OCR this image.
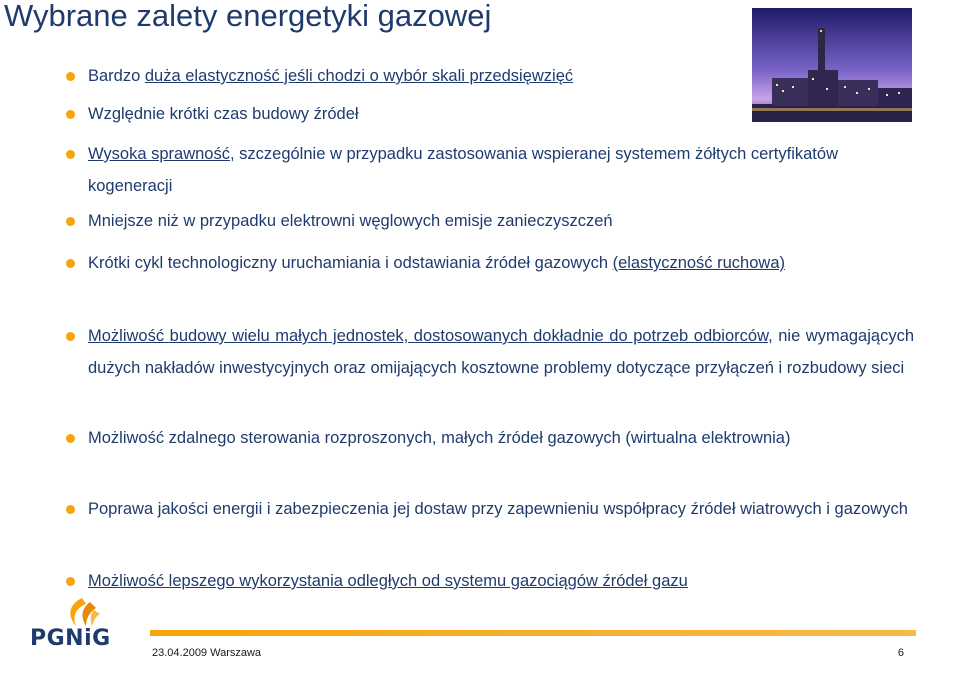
Wybrane zalety energetyki gazowej
Bardzo duża elastyczność jeśli chodzi o wybór skali przedsięwzięć
Względnie krótki czas budowy źródeł
Wysoka sprawność, szczególnie w przypadku zastosowania wspieranej systemem żółtych certyfikatów kogeneracji
Mniejsze niż w przypadku elektrowni węglowych emisje zanieczyszczeń
Krótki cykl technologiczny uruchamiania i odstawiania źródeł gazowych (elastyczność ruchowa)
Możliwość budowy wielu małych jednostek, dostosowanych dokładnie do potrzeb odbiorców, nie wymagających dużych nakładów inwestycyjnych oraz omijających kosztowne problemy dotyczące przyłączeń i rozbudowy sieci
Możliwość zdalnego sterowania rozproszonych, małych źródeł gazowych (wirtualna elektrownia)
Poprawa jakości energii i zabezpieczenia jej dostaw przy zapewnieniu współpracy źródeł wiatrowych i gazowych
Możliwość lepszego wykorzystania odległych od systemu gazociągów źródeł gazu
PGNiG
23.04.2009 Warszawa	6
